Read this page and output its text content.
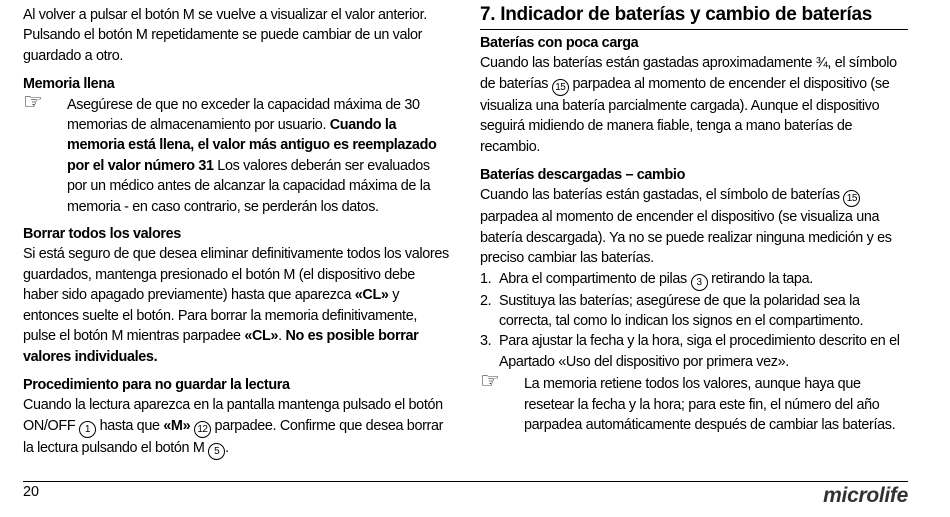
Al volver a pulsar el botón M se vuelve a visualizar el valor anterior. Pulsando el botón M repetidamente se puede cambiar de un valor guardado a otro.

Memoria llena

☞ Asegúrese de que no exceder la capacidad máxima de 30 memorias de almacenamiento por usuario. Cuando la memoria está llena, el valor más antiguo es reemplazado por el valor número 31 Los valores deberán ser evaluados por un médico antes de alcanzar la capacidad máxima de la memoria - en caso contrario, se perderán los datos.

Borrar todos los valores

Si está seguro de que desea eliminar definitivamente todos los valores guardados, mantenga presionado el botón M (el dispositivo debe haber sido apagado previamente) hasta que aparezca «CL» y entonces suelte el botón. Para borrar la memoria definitivamente, pulse el botón M mientras parpadee «CL». No es posible borrar valores individuales.

Procedimiento para no guardar la lectura

Cuando la lectura aparezca en la pantalla mantenga pulsado el botón ON/OFF 1 hasta que «M» 12 parpadee. Confirme que desea borrar la lectura pulsando el botón M 5 .

7. Indicador de baterías y cambio de baterías

Baterías con poca carga

Cuando las baterías están gastadas aproximadamente ¾, el símbolo de baterías 15 parpadea al momento de encender el dispositivo (se visualiza una batería parcialmente cargada). Aunque el dispositivo seguirá midiendo de manera fiable, tenga a mano baterías de recambio.

Baterías descargadas – cambio

Cuando las baterías están gastadas, el símbolo de baterías 15 parpadea al momento de encender el dispositivo (se visualiza una batería descargada). Ya no se puede realizar ninguna medición y es preciso cambiar las baterías.

1. Abra el compartimento de pilas 3 retirando la tapa.
2. Sustituya las baterías; asegúrese de que la polaridad sea la correcta, tal como lo indican los signos en el compartimento.
3. Para ajustar la fecha y la hora, siga el procedimiento descrito en el Apartado «Uso del dispositivo por primera vez».
☞ La memoria retiene todos los valores, aunque haya que resetear la fecha y la hora; para este fin, el número del año parpadea automáticamente después de cambiar las baterías.

20	microlife
